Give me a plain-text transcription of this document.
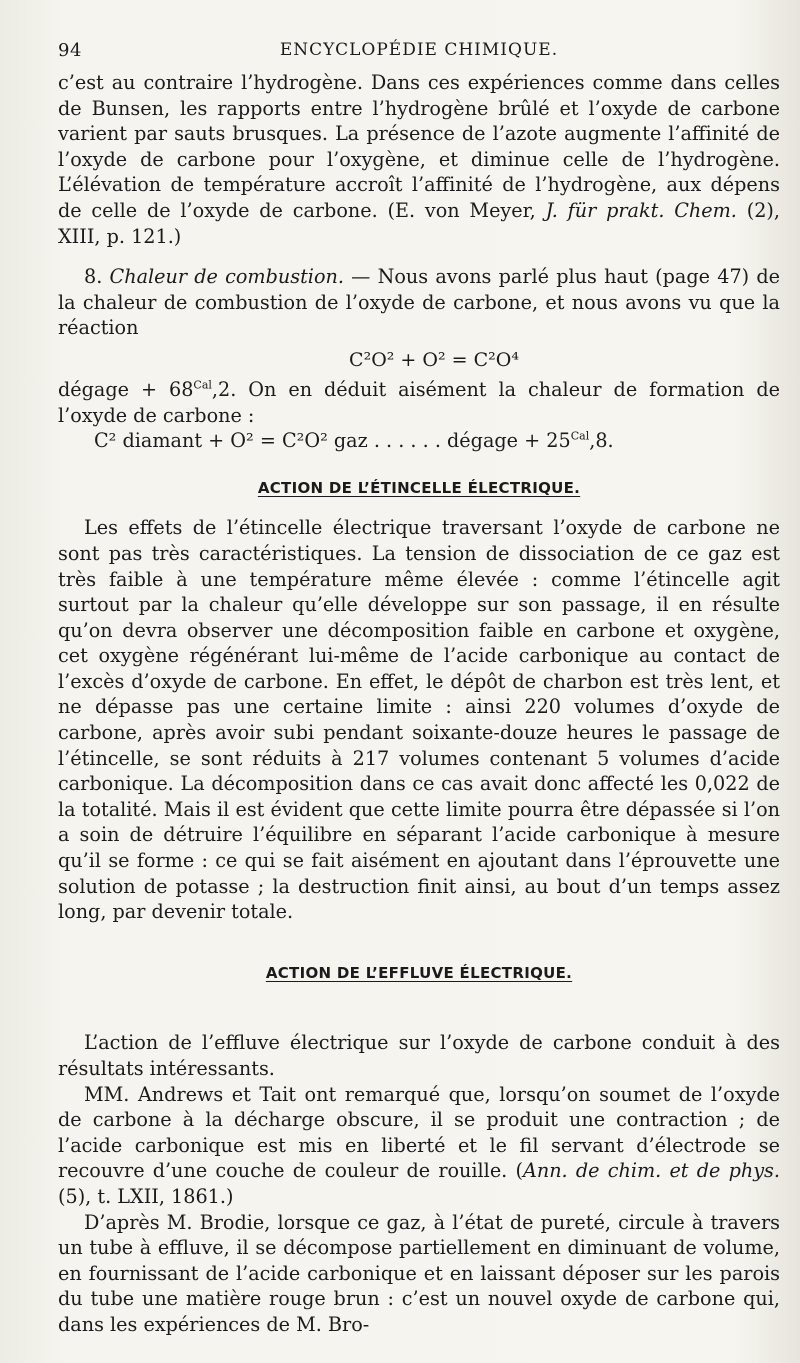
94	ENCYCLOPÉDIE CHIMIQUE.

c’est au contraire l’hydrogène. Dans ces expériences comme dans celles de Bunsen, les rapports entre l’hydrogène brûlé et l’oxyde de carbone varient par sauts brusques. La présence de l’azote augmente l’affinité de l’oxyde de carbone pour l’oxygène, et diminue celle de l’hydrogène. L’élévation de température accroît l’affinité de l’hydrogène, aux dépens de celle de l’oxyde de carbone. (E. von Meyer, J. für prakt. Chem. (2), XIII, p. 121.)

8. Chaleur de combustion. — Nous avons parlé plus haut (page 47) de la chaleur de combustion de l’oxyde de carbone, et nous avons vu que la réaction

C²O² + O² = C²O⁴

dégage + $68^{Cal},2$. On en déduit aisément la chaleur de formation de l’oxyde de carbone :

C² diamant + O² = C²O² gaz . . . . . . dégage + $25^{Cal},8$.

ACTION DE L’ÉTINCELLE ÉLECTRIQUE.

Les effets de l’étincelle électrique traversant l’oxyde de carbone ne sont pas très caractéristiques. La tension de dissociation de ce gaz est très faible à une température même élevée : comme l’étincelle agit surtout par la chaleur qu’elle développe sur son passage, il en résulte qu’on devra observer une décomposition faible en carbone et oxygène, cet oxygène régénérant lui-même de l’acide carbonique au contact de l’excès d’oxyde de carbone. En effet, le dépôt de charbon est très lent, et ne dépasse pas une certaine limite : ainsi 220 volumes d’oxyde de carbone, après avoir subi pendant soixante-douze heures le passage de l’étincelle, se sont réduits à 217 volumes contenant 5 volumes d’acide carbonique. La décomposition dans ce cas avait donc affecté les 0,022 de la totalité. Mais il est évident que cette limite pourra être dépassée si l’on a soin de détruire l’équilibre en séparant l’acide carbonique à mesure qu’il se forme : ce qui se fait aisément en ajoutant dans l’éprouvette une solution de potasse ; la destruction finit ainsi, au bout d’un temps assez long, par devenir totale.

ACTION DE L’EFFLUVE ÉLECTRIQUE.

L’action de l’effluve électrique sur l’oxyde de carbone conduit à des résultats intéressants.

MM. Andrews et Tait ont remarqué que, lorsqu’on soumet de l’oxyde de carbone à la décharge obscure, il se produit une contraction ; de l’acide carbonique est mis en liberté et le fil servant d’électrode se recouvre d’une couche de couleur de rouille. (Ann. de chim. et de phys. (5), t. LXII, 1861.)

D’après M. Brodie, lorsque ce gaz, à l’état de pureté, circule à travers un tube à effluve, il se décompose partiellement en diminuant de volume, en fournissant de l’acide carbonique et en laissant déposer sur les parois du tube une matière rouge brun : c’est un nouvel oxyde de carbone qui, dans les expériences de M. Bro-
